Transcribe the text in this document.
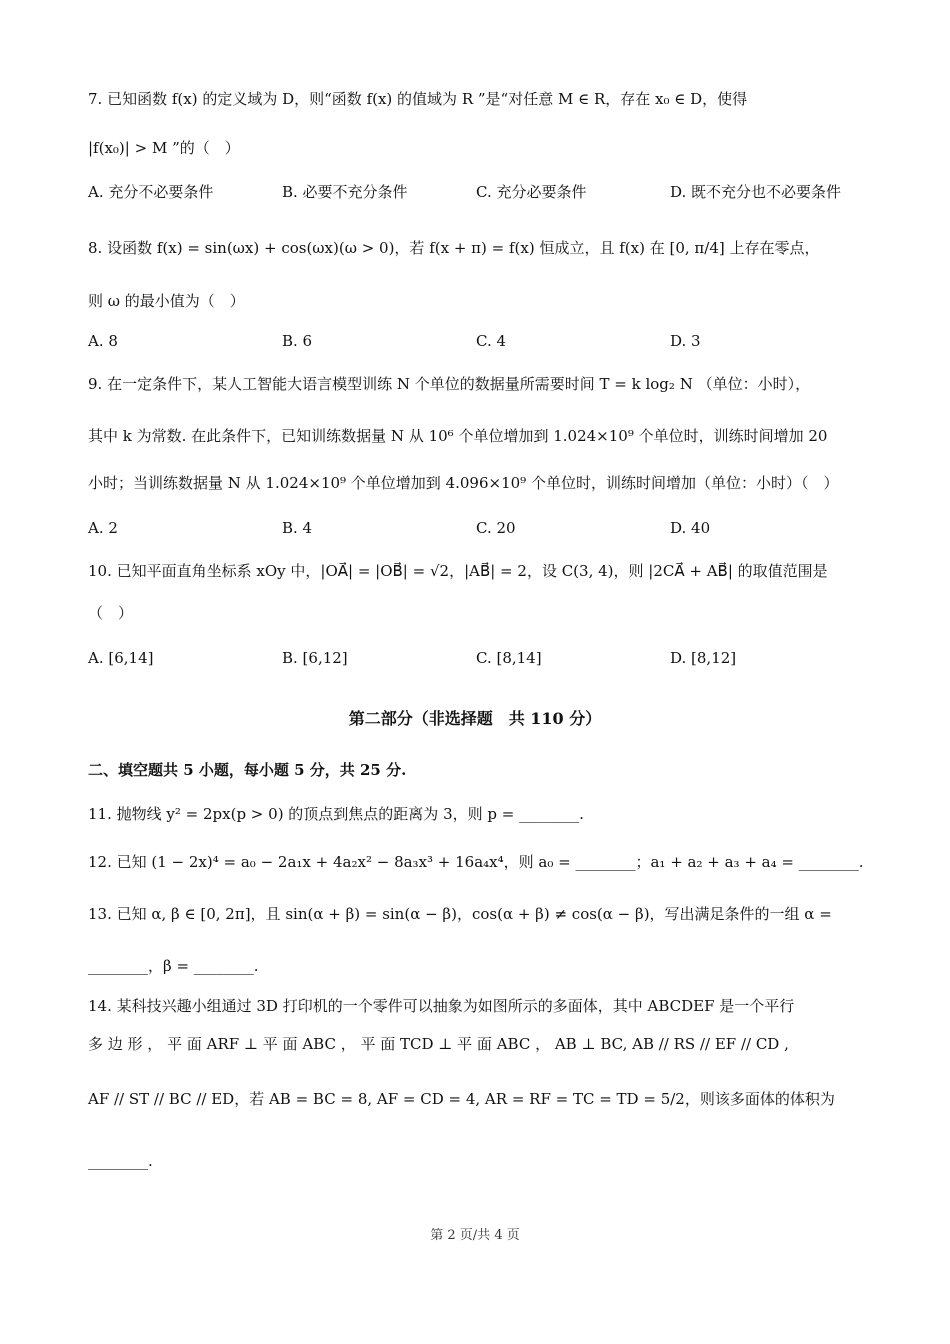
7. 已知函数 f(x) 的定义域为 D，则“函数 f(x) 的值域为 R ”是“对任意 M ∈ R，存在 x₀ ∈ D，使得
|f(x₀)| > M ”的（　）
A. 充分不必要条件	B. 必要不充分条件	C. 充分必要条件	D. 既不充分也不必要条件
8. 设函数 f(x) = sin(ωx) + cos(ωx)(ω > 0)，若 f(x + π) = f(x) 恒成立，且 f(x) 在 [0, π/4] 上存在零点，
则 ω 的最小值为（　）
A. 8	B. 6	C. 4	D. 3
9. 在一定条件下，某人工智能大语言模型训练 N 个单位的数据量所需要时间 T = k log₂ N （单位：小时），
其中 k 为常数. 在此条件下，已知训练数据量 N 从 10⁶ 个单位增加到 1.024×10⁹ 个单位时，训练时间增加 20
小时；当训练数据量 N 从 1.024×10⁹ 个单位增加到 4.096×10⁹ 个单位时，训练时间增加（单位：小时）（　）
A. 2	B. 4	C. 20	D. 40
10. 已知平面直角坐标系 xOy 中，|OA⃗| = |OB⃗| = √2，|AB⃗| = 2，设 C(3, 4)，则 |2CA⃗ + AB⃗| 的取值范围是
（　）
A. [6,14]	B. [6,12]	C. [8,14]	D. [8,12]
第二部分（非选择题　共 110 分）
二、填空题共 5 小题，每小题 5 分，共 25 分.
11. 抛物线 y² = 2px(p > 0) 的顶点到焦点的距离为 3，则 p = ________.
12. 已知 (1 − 2x)⁴ = a₀ − 2a₁x + 4a₂x² − 8a₃x³ + 16a₄x⁴，则 a₀ = ________；a₁ + a₂ + a₃ + a₄ = ________.
13. 已知 α, β ∈ [0, 2π]，且 sin(α + β) = sin(α − β)，cos(α + β) ≠ cos(α − β)，写出满足条件的一组 α =
________，β = ________.
14. 某科技兴趣小组通过 3D 打印机的一个零件可以抽象为如图所示的多面体，其中 ABCDEF 是一个平行
多 边 形 ， 平 面 ARF ⊥ 平 面 ABC ， 平 面 TCD ⊥ 平 面 ABC ， AB ⊥ BC, AB // RS // EF // CD ,
AF // ST // BC // ED，若 AB = BC = 8, AF = CD = 4, AR = RF = TC = TD = 5/2，则该多面体的体积为
________.
第 2 页/共 4 页
